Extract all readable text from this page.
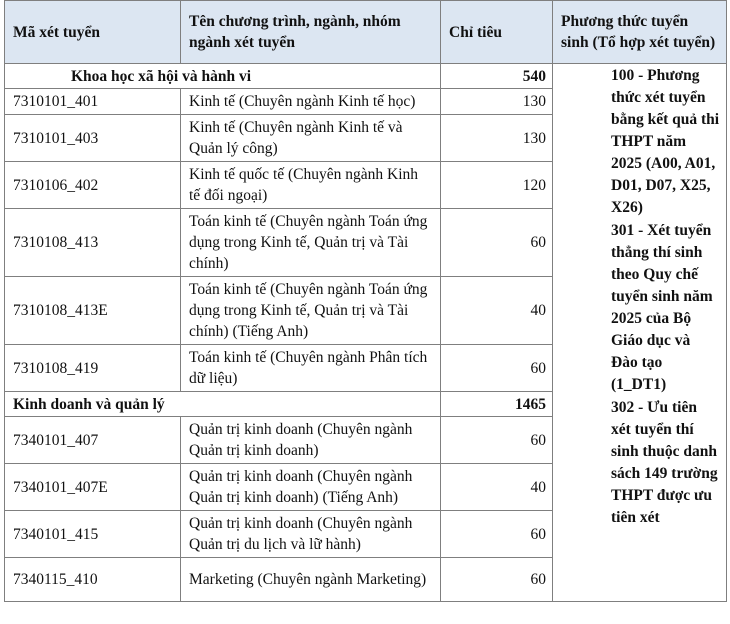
Mã xét tuyển	Tên chương trình, ngành, nhóm ngành xét tuyển	Chỉ tiêu	Phương thức tuyển sinh (Tổ hợp xét tuyển)
Khoa học xã hội và hành vi		540	100 - Phương thức xét tuyển bằng kết quả thi THPT năm 2025 (A00, A01, D01, D07, X25, X26)

301 - Xét tuyển thẳng thí sinh theo Quy chế tuyển sinh năm 2025 của Bộ Giáo dục và Đào tạo (1_DT1)

302 - Ưu tiên xét tuyển thí sinh thuộc danh sách 149 trường THPT được ưu tiên xét

7310101_401	Kinh tế (Chuyên ngành Kinh tế học)	130	
7310101_403	Kinh tế (Chuyên ngành Kinh tế và Quản lý công)	130	
7310106_402	Kinh tế quốc tế (Chuyên ngành Kinh tế đối ngoại)	120	
7310108_413	Toán kinh tế (Chuyên ngành Toán ứng dụng trong Kinh tế, Quản trị và Tài chính)	60	
7310108_413E	Toán kinh tế (Chuyên ngành Toán ứng dụng trong Kinh tế, Quản trị và Tài chính) (Tiếng Anh)	40	
7310108_419	Toán kinh tế (Chuyên ngành Phân tích dữ liệu)	60	
Kinh doanh và quản lý		1465	
7340101_407	Quản trị kinh doanh (Chuyên ngành Quản trị kinh doanh)	60	
7340101_407E	Quản trị kinh doanh (Chuyên ngành Quản trị kinh doanh) (Tiếng Anh)	40	
7340101_415	Quản trị kinh doanh (Chuyên ngành Quản trị du lịch và lữ hành)	60	
7340115_410	Marketing (Chuyên ngành Marketing)	60	
